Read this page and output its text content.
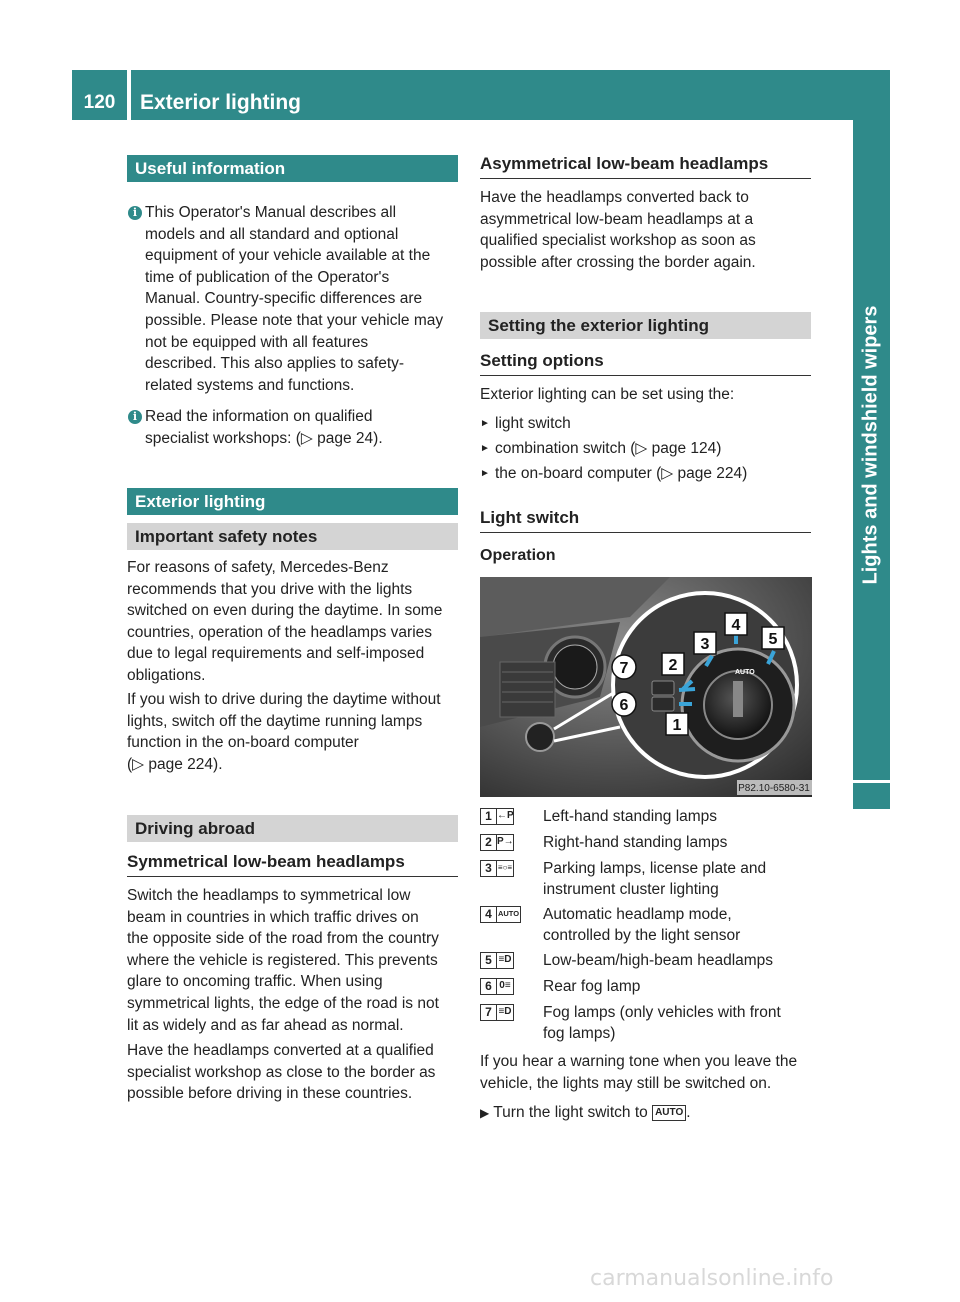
120	Exterior lighting
Lights and windshield wipers
Useful information
i This Operator's Manual describes all
models and all standard and optional
equipment of your vehicle available at the
time of publication of the Operator's
Manual. Country-specific differences are
possible. Please note that your vehicle may
not be equipped with all features
described. This also applies to safety-
related systems and functions.
i Read the information on qualified
specialist workshops: (▷ page 24).
Exterior lighting
Important safety notes
For reasons of safety, Mercedes-Benz
recommends that you drive with the lights
switched on even during the daytime. In some
countries, operation of the headlamps varies
due to legal requirements and self-imposed
obligations.
If you wish to drive during the daytime without
lights, switch off the daytime running lamps
function in the on-board computer
(▷ page 224).
Driving abroad
Symmetrical low-beam headlamps
Switch the headlamps to symmetrical low
beam in countries in which traffic drives on
the opposite side of the road from the country
where the vehicle is registered. This prevents
glare to oncoming traffic. When using
symmetrical lights, the edge of the road is not
lit as widely and as far ahead as normal.
Have the headlamps converted at a qualified
specialist workshop as close to the border as
possible before driving in these countries.
Asymmetrical low-beam headlamps
Have the headlamps converted back to
asymmetrical low-beam headlamps at a
qualified specialist workshop as soon as
possible after crossing the border again.
Setting the exterior lighting
Setting options
Exterior lighting can be set using the:
► light switch
► combination switch (▷ page 124)
► the on-board computer (▷ page 224)
Light switch
Operation
AUTO
1
2
3
4
5
6
7
P82.10-6580-31
1 ←P Left-hand standing lamps
2 P→ Right-hand standing lamps
3 ≡○≡ Parking lamps, license plate and
instrument cluster lighting
4 AUTO Automatic headlamp mode,
controlled by the light sensor
5 ≡D Low-beam/high-beam headlamps
6 0≡ Rear fog lamp
7 ≡D Fog lamps (only vehicles with front
fog lamps)
If you hear a warning tone when you leave the
vehicle, the lights may still be switched on.
▶ Turn the light switch to AUTO .
carmanualsonline.info
